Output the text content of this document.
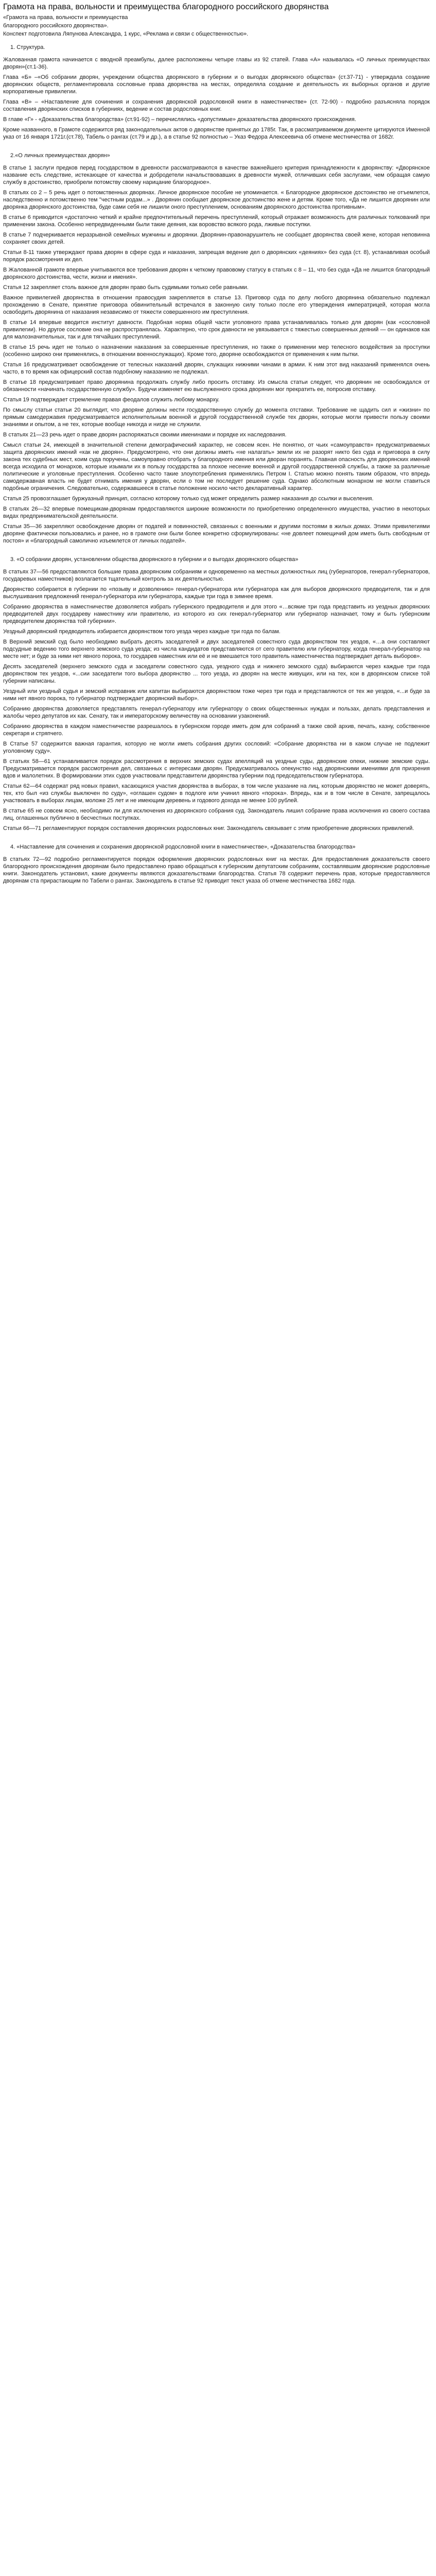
Грамота на права, вольности и преимущества благородного российского дворянства

«Грамота на права, вольности и преимущества

благородного российского дворянства».

Конспект подготовила Ляпунова Александра, 1 курс, «Реклама и связи с общественностью».

1. Структура.

Жалованная грамота начинается с вводной преамбулы, далее расположены четыре главы из 92 статей. Глава «А» называлась «О личных преимуществах дворян»(ст.1-36).

Глава «Б» –«Об собрании дворян, учреждении общества дворянского в губернии и о выгодах дворянского общества» (ст.37-71) - утверждала создание дворянских обществ, регламентировала сословные права дворянства на местах, определяла создание и деятельность их выборных органов и другие корпоративные привилегии.

Глава «В» – «Наставление для сочинения и сохранения дворянской родословной книги в наместничестве» (ст. 72-90) - подробно разъясняла порядок составления дворянских списков в губерниях, ведение и состав родословных книг.

В главе «Г» - «Доказательства благородства» (ст.91-92) – перечислялись «допустимые» доказательства дворянского происхождения.

Кроме названного, в Грамоте содержится ряд законодательных актов о дворянстве принятых до 1785г. Так, в рассматриваемом документе цитируются Именной указ от 16 января 1721г.(ст.78), Табель о рангах (ст.79 и др.), а в статье 92 полностью – Указ Федора Алексеевича об отмене местничества от 1682г.

2.«О личных преимуществах дворян»

В статье 1 заслуги предков перед государством в древности рассматриваются в качестве важнейшего критерия принадлежности к дворянству: «Дворянское название есть следствие, истекающее от качества и добродетели начальствовавших в древности мужей, отличивших себя заслугами, чем обращая самую службу в достоинство, приобрели потомству своему нарицание благородное».

В статьях со 2 – 5 речь идет о потомственных дворянах. Личное дворянское пособие не упоминается. « Благородное дворянское достоинство не отъемлется, наследственно и потомственно тем "честным родам...» . Дворянин сообщает дворянское достоинство жене и детям. Кроме того, «Да не лишится дворянин или дворянка дворянского достоинства, буде сами себя не лишили оного преступлением, основаниям дворянского достоинства противным».

В статье 6 приводится «достаточно четкий и крайне предпочтительный перечень преступлений, который отражает возможность для различных толкований при применении закона. Особенно непредвиденными были такие деяния, как воровство всякого рода, лживые поступки.

В статье 7 подчеркивается неразрывной семейных мужчины и дворянки. Дворянин-правонарушитель не сообщает дворянства своей жене, которая неповинна сохраняет своих детей.

Статьи 8-11 также утверждают права дворян в сфере суда и наказания, запрещая ведение дел о дворянских «деяниях» без суда (ст. 8), устанавливая особый порядок рассмотрения их дел.

В Жалованной грамоте впервые учитываются все требования дворян к четкому правовому статусу в статьях с 8 – 11, что без суда «Да не лишится благородный дворянского достоинства, чести, жизни и имения».

Статья 12 закрепляет столь важное для дворян право быть судимыми только себе равными.

Важное привилегией дворянства в отношении правосудия закрепляется в статье 13. Приговор суда по делу любого дворянина обязательно подлежал прохождению в Сенате, принятие приговора обвинительный встречался в законную силу только после его утверждения императрицей, которая могла освободить дворянина от наказания независимо от тяжести совершенного им преступления.

В статье 14 впервые вводится институт давности. Подобная норма общей части уголовного права устанавливалась только для дворян (как «сословной привилегии). Но другое сословие она не распространялась. Характерно, что срок давности не увязывается с тяжестью совершенных деяний — он одинаков как для малозначительных, так и для тягчайших преступлений.

В статье 15 речь идет не только о назначении наказания за совершенные преступления, но также о применении мер телесного воздействия за проступки (особенно широко они применялись, в отношении военнослужащих). Кроме того, дворяне освобождаются от применения к ним пытки.

Статья 16 предусматривает освобождение от телесных наказаний дворян, служащих нижними чинами в армии. К ним этот вид наказаний применялся очень часто, в то время как офицерский состав подобному наказанию не подлежал.

В статье 18 предусматривает право дворянина продолжать службу либо просить отставку. Из смысла статьи следует, что дворянин не освобождался от обязанности «начинать государственную службу». Будучи изменяет ею выслуженного срока дворянин мог прекратить ее, попросив отставку.

Статья 19 подтверждает стремление правая феодалов служить любому монарху.

По смыслу статьи статьи 20 выглядит, что дворяне должны нести государственную службу до момента отставки. Требование не щадить сил и «жизни» по прямым самодержавия предусматривается исполнительным военной и другой государственной службе тех дворян, которые могли привести пользу своими знаниями и опытом, а не тех, которые вообще никогда и нигде не служили.

В статьях 21—23 речь идет о праве дворян распоряжаться своими именинами и порядке их наследования.

Смысл статьи 24, имеющей в значительной степени демографический характер, не совсем ясен. Не понятно, от чьих «самоуправств» предусматриваемых защита дворянских имений «как не дворян». Предусмотрено, что они должны иметь «не налагать» земли их не разорят никто без суда и приговора в силу закона тех судебных мест, коим суда поручены, самоуправно отобрать у благородного имения или дворан поранять. Главная опасность для дворянских имений всегда исходила от монархов, которые изымали их в пользу государства за плохое несение военной и другой государственной службы, а также за различные политические и уголовные преступления. Особенно часто такие злоупотребления применялись Петром I. Статью можно понять таким образом, что впредь самодержавная власть не будет отнимать имения у дворян, если о том не последует решение суда. Однако абсолютным монархом не могли ставиться подобные ограничения. Следовательно, содержавшееся в статье положение носило чисто декларативный характер.

Статья 25 провозглашает буржуазный принцип, согласно которому только суд может определить размер наказания до ссылки и выселения.

В статьях 26—32 впервые помещикам-дворянам предоставляются широкие возможности по приобретению определенного имущества, участию в некоторых видах предпринимательской деятельности.

Статьи 35—36 закрепляют освобождение дворян от податей и повинностей, связанных с военными и другими постоями в жилых домах. Этими привилегиями дворяне фактически пользовались и ранее, но в грамоте они были более конкретно сформулированы: «не довлеет помещичий дом иметь быть свободным от постоя» и «благородный самолично изъемлется от личных податей».

3. «О собрании дворян, установлении общества дворянского в губернии и о выгодах дворянского общества»

В статьях 37—56 предоставляются большие права дворянским собраниям и одновременно на местных должностных лиц (губернаторов, генерал-губернаторов, государевых наместников) возлагается тщательный контроль за их деятельностью.

Дворянство собирается в губернии по «позыву и дозволению» генерал-губернатора или губернатора как для выборов дворянского предводителя, так и для выслушивания предложений генерал-губернатора или губернатора, каждые три года в зимнее время.

Собранию дворянства в наместничестве дозволяется избрать губернского предводителя и для этого «…всякие три года представить из уездных дворянских предводителей двух государеву наместнику или правителю, из которого из сих генерал-губернатор или губернатор назначает, тому и быть губернским предводителем дворянства той губернии».

Уездный дворянский предводитель избирается дворянством того уезда через каждые три года по балам.

В Верхний земский суд было необходимо выбрать десять заседателей и двух заседателей совестного суда дворянством тех уездов, «…а они составляют подсудные ведению того верхнего земского суда уезда; из числа кандидатов представляются от сего правителю или губернатору, когда генерал-губернатор на месте нет; и буде за ними нет явного порока, то государев наместник или её и не вмешается того правитель наместничества подтверждает деталь выборов».

Десять заседателей (верхнего земского суда и заседатели совестного суда, уездного суда и нижнего земского суда) выбираются через каждые три года дворянством тех уездов, «...сии заседатели того выбора дворянство ... того уезда, из дворян на месте живущих, или на тех, кои в дворянском списке той губернии написаны.

Уездный или уездный судья и земский исправник или капитан выбираются дворянством тоже через три года и представляются от тех же уездов, «...и буде за ними нет явного порока, то губернатор подтверждает дворянский выбор».

Собранию дворянства дозволяется представлять генерал-губернатору или губернатору о своих общественных нуждах и пользах, делать представления и жалобы через депутатов их как. Сенату, так и императорскому величеству на основании узаконений.

Собранию дворянства в каждом наместничестве разрешалось в губернском городе иметь дом для собраний а также свой архив, печать, казну, собственное секретаря и стряпчего.

В Статье 57 содержится важная гарантия, которую не могли иметь собрания других сословий: «Собрание дворянства ни в каком случае не подлежит уголовному суду».

В статьях 58—61 устанавливается порядок рассмотрения в верхних земских судах апелляций на уездные суды, дворянские опеки, нижние земские суды. Предусматривается порядок рассмотрения дел, связанных с интересами дворян. Предусматривалось опекунство над дворянскими имениями для призрения вдов и малолетних. В формировании этих судов участвовали представители дворянства губернии под председательством губернатора.

Статьи 62—64 содержат ряд новых правил, касающихся участия дворянства в выборах, в том числе указание на лиц, которым дворянство не может доверять, тех, кто был «из службы выключен по суду», «оглашен судом» в подлоге или учинил явного «порока». Впредь, как и в том числе в Сенате, запрещалось участвовать в выборах лицам, моложе 25 лет и не имеющим деревень и годового дохода не менее 100 рублей.

В статье 65 не совсем ясно, необходимо ли для исключения из дворянского собрания суд. Законодатель лишил собрание права исключения из своего состава лиц, оглашенных публично в бесчестных поступках.

Статьи 66—71 регламентируют порядок составления дворянских родословных книг. Законодатель связывает с этим приобретение дворянских привилегий.

4. «Наставление для сочинения и сохранения дворянской родословной книги в наместничестве», «Доказательства благородства»

В статьях 72—92 подробно регламентируется порядок оформления дворянских родословных книг на местах. Для предоставления доказательств своего благородного происхождения дворянам было предоставлено право обращаться к губернским депутатским собраниям, составлявшим дворянские родословные книги. Законодатель установил, какие документы являются доказательствами благородства. Статья 78 содержит перечень прав, которые предоставляются дворянам ста прирастающим по Табели о рангах. Законодатель в статье 92 приводит текст указа об отмене местничества 1682 года.
